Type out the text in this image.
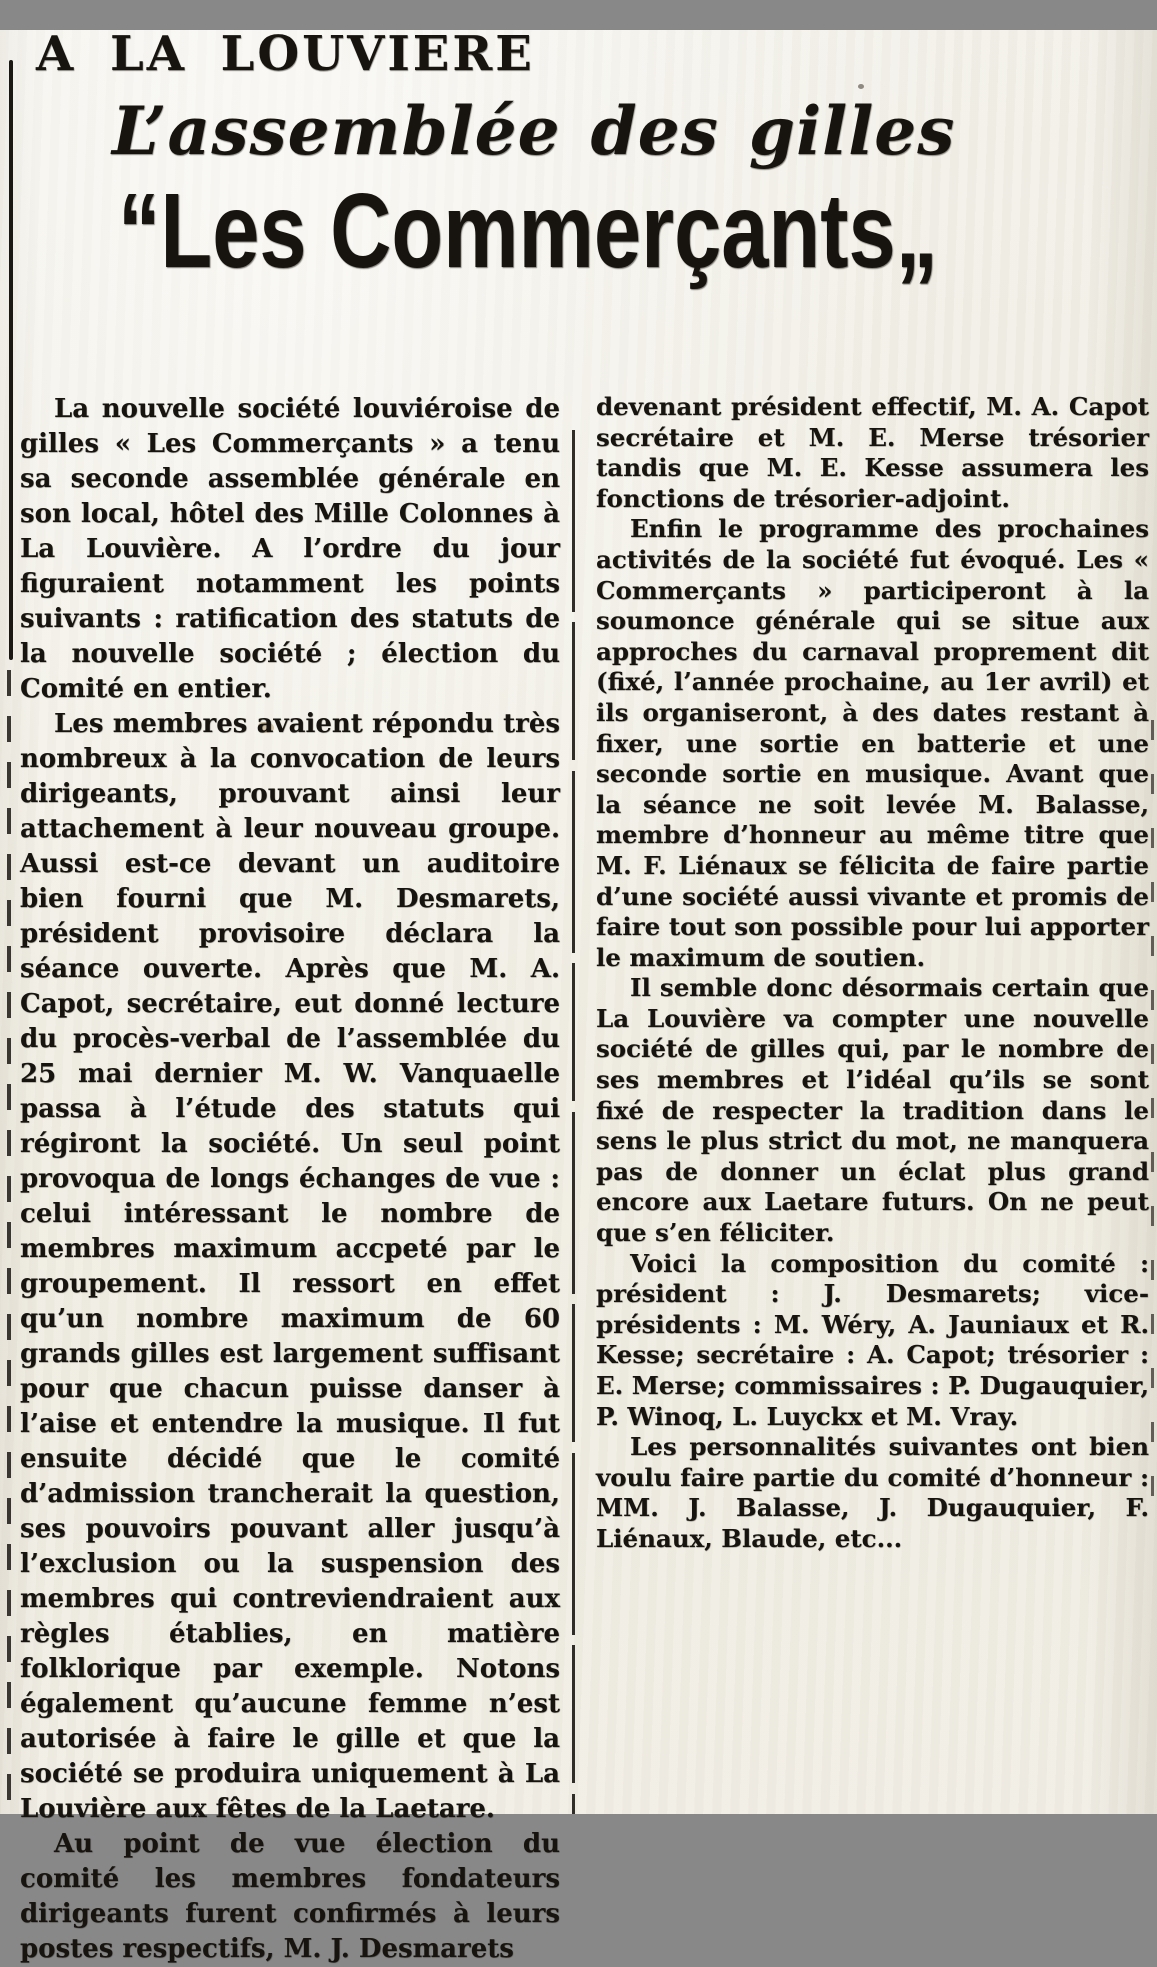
A LA LOUVIERE
L’assemblée des gilles
“Les Commerçants„

La nouvelle société louviéroise de gilles « Les Commerçants » a tenu sa seconde assemblée générale en son local, hôtel des Mille Colonnes à La Louvière. A l’ordre du jour figuraient notamment les points suivants : ratification des statuts de la nouvelle société ; élection du Comité en entier.

Les membres avaient répondu très nombreux à la convocation de leurs dirigeants, prouvant ainsi leur attachement à leur nouveau groupe. Aussi est-ce devant un auditoire bien fourni que M. Desmarets, président provisoire déclara la séance ouverte. Après que M. A. Capot, secrétaire, eut donné lecture du procès-verbal de l’assemblée du 25 mai dernier M. W. Vanquaelle passa à l’étude des statuts qui régiront la société. Un seul point provoqua de longs échanges de vue : celui intéressant le nombre de membres maximum accpeté par le groupement. Il ressort en effet qu’un nombre maximum de 60 grands gilles est largement suffisant pour que chacun puisse danser à l’aise et entendre la musique. Il fut ensuite décidé que le comité d’admission trancherait la question, ses pouvoirs pouvant aller jusqu’à l’exclusion ou la suspension des membres qui contreviendraient aux règles établies, en matière folklorique par exemple. Notons également qu’aucune femme n’est autorisée à faire le gille et que la société se produira uniquement à La Louvière aux fêtes de la Laetare.

Au point de vue élection du comité les membres fondateurs dirigeants furent confirmés à leurs postes respectifs, M. J. Desmarets

devenant président effectif, M. A. Capot secrétaire et M. E. Merse trésorier tandis que M. E. Kesse assumera les fonctions de trésorier-adjoint.

Enfin le programme des prochaines activités de la société fut évoqué. Les « Commerçants » participeront à la soumonce générale qui se situe aux approches du carnaval proprement dit (fixé, l’année prochaine, au 1er avril) et ils organiseront, à des dates restant à fixer, une sortie en batterie et une seconde sortie en musique. Avant que la séance ne soit levée M. Balasse, membre d’honneur au même titre que M. F. Liénaux se félicita de faire partie d’une société aussi vivante et promis de faire tout son possible pour lui apporter le maximum de soutien.

Il semble donc désormais certain que La Louvière va compter une nouvelle société de gilles qui, par le nombre de ses membres et l’idéal qu’ils se sont fixé de respecter la tradition dans le sens le plus strict du mot, ne manquera pas de donner un éclat plus grand encore aux Laetare futurs. On ne peut que s’en féliciter.

Voici la composition du comité : président : J. Desmarets; vice-présidents : M. Wéry, A. Jauniaux et R. Kesse; secrétaire : A. Capot; trésorier : E. Merse; commissaires : P. Dugauquier, P. Winoq, L. Luyckx et M. Vray.

Les personnalités suivantes ont bien voulu faire partie du comité d’honneur : MM. J. Balasse, J. Dugauquier, F. Liénaux, Blaude, etc...
